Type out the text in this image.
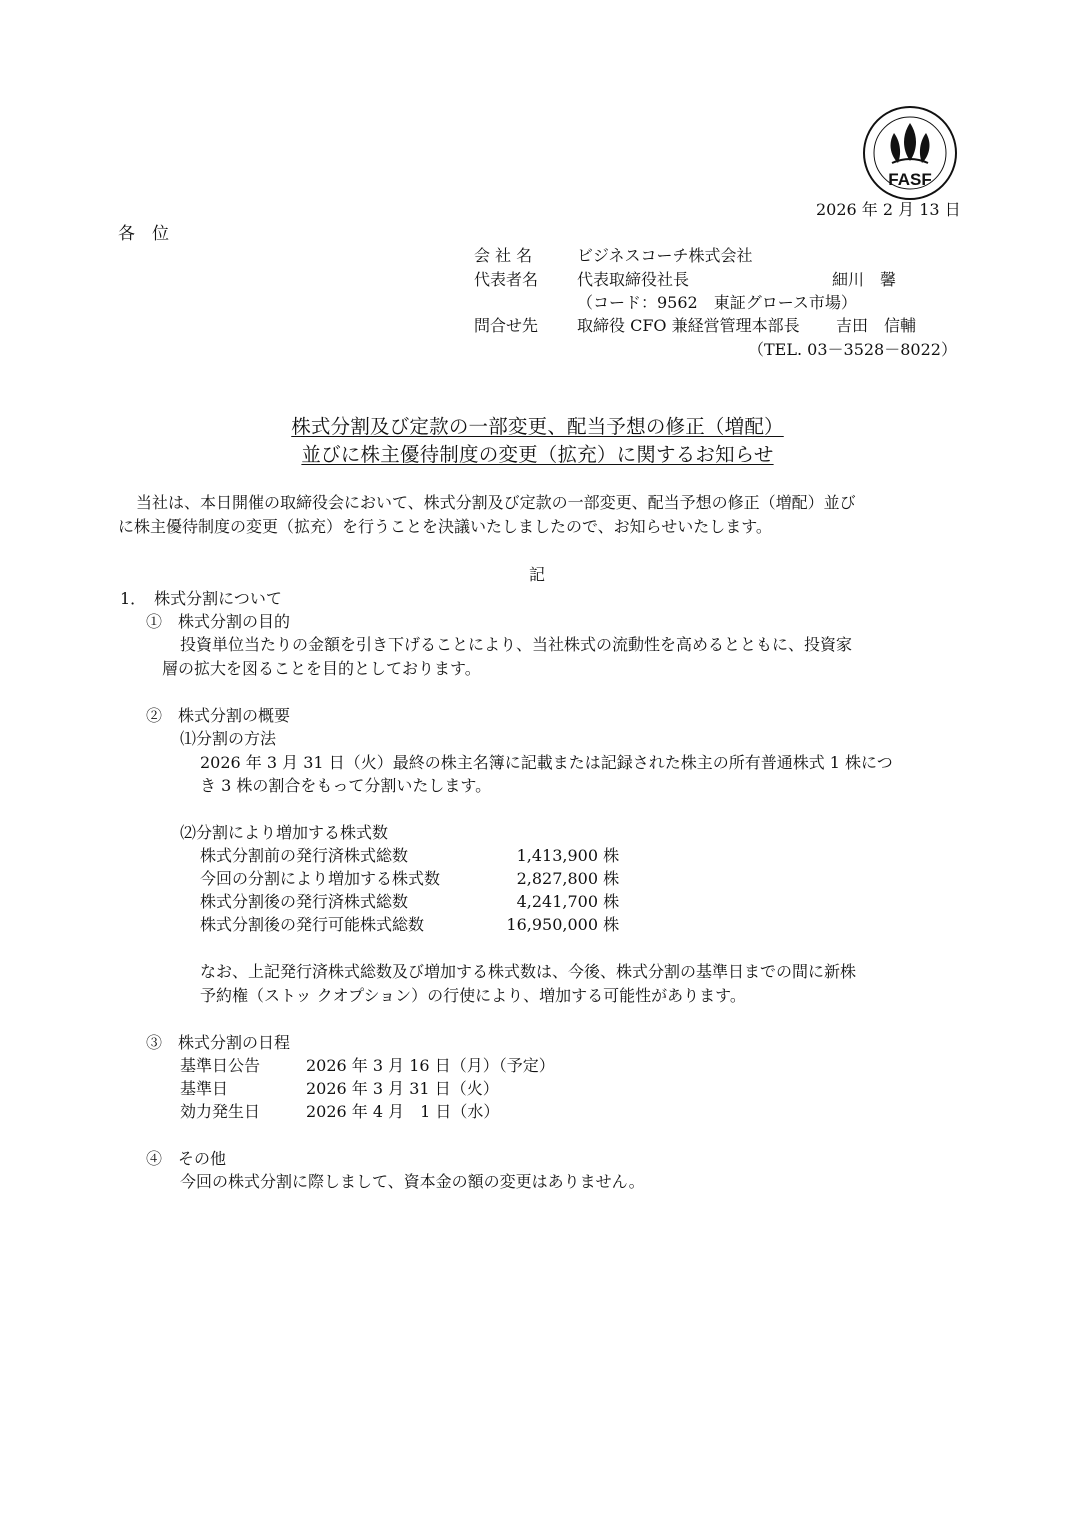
FASF
2026 年 2 月 13 日
各　位
会 社 名	ビジネスコーチ株式会社
代表者名 代表取締役社長	細川　馨
（コード：9562　東証グロース市場）
問合せ先 取締役 CFO 兼経営管理本部長 吉田　信輔
（TEL. 03－3528－8022）
株式分割及び定款の一部変更、配当予想の修正（増配）
並びに株主優待制度の変更（拡充）に関するお知らせ
当社は、本日開催の取締役会において、株式分割及び定款の一部変更、配当予想の修正（増配）並び
に株主優待制度の変更（拡充）を行うことを決議いたしましたので、お知らせいたします。
記
1．　株式分割について
①　株式分割の目的
投資単位当たりの金額を引き下げることにより、当社株式の流動性を高めるとともに、投資家
層の拡大を図ることを目的としております。
②　株式分割の概要
⑴分割の方法
2026 年 3 月 31 日（火）最終の株主名簿に記載または記録された株主の所有普通株式 1 株につ
き 3 株の割合をもって分割いたします。
⑵分割により増加する株式数
株式分割前の発行済株式総数	1,413,900 株
今回の分割により増加する株式数	2,827,800 株
株式分割後の発行済株式総数	4,241,700 株
株式分割後の発行可能株式総数	16,950,000 株
なお、上記発行済株式総数及び増加する株式数は、今後、株式分割の基準日までの間に新株
予約権（ストッ クオプション）の行使により、増加する可能性があります。
③　株式分割の日程
基準日公告	2026 年 3 月 16 日（月）（予定）
基準日	2026 年 3 月 31 日（火）
効力発生日	2026 年 4 月　1 日（水）
④　その他
今回の株式分割に際しまして、資本金の額の変更はありません。
